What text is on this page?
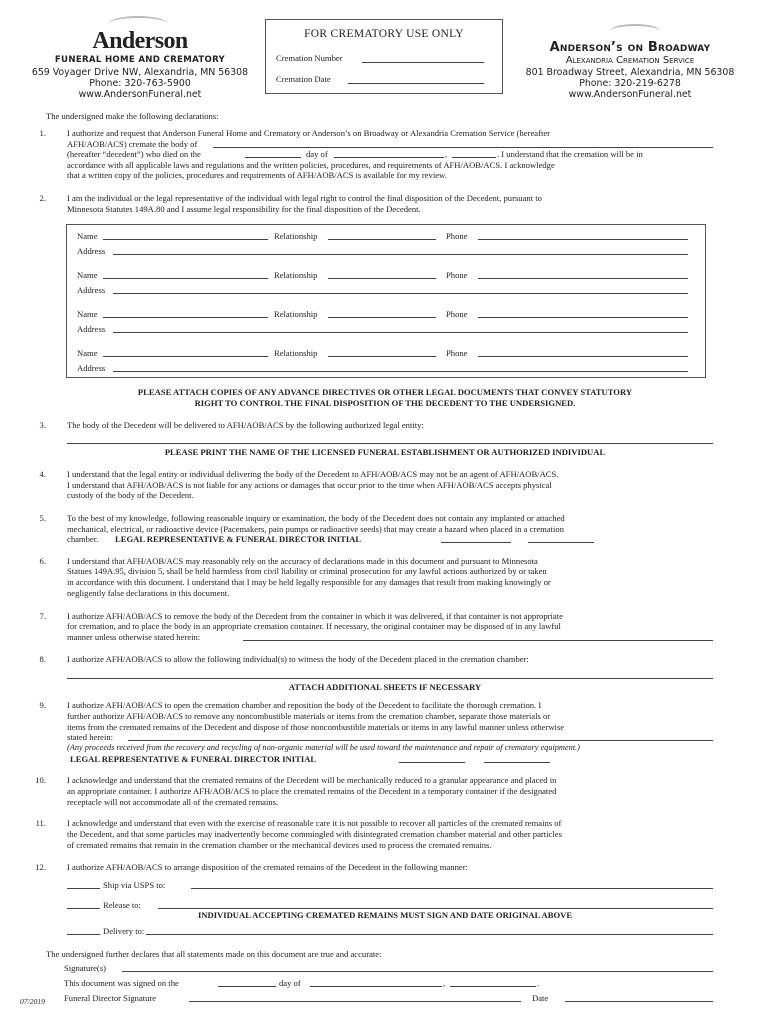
Anderson
FUNERAL HOME AND CREMATORY
659 Voyager Drive NW, Alexandria, MN 56308
Phone: 320-763-5900
www.AndersonFuneral.net
FOR CREMATORY USE ONLY
Cremation Number
Cremation Date
Anderson’s on Broadway
Alexandria Cremation Service
801 Broadway Street, Alexandria, MN 56308
Phone: 320-219-6278
www.AndersonFuneral.net
The undersigned make the following declarations:
1. I authorize and request that Anderson Funeral Home and Crematory or Anderson’s on Broadway or Alexandria Cremation Service (hereafter
AFH/AOB/ACS) cremate the body of
(hereafter “decedent”) who died on the	day of	,	. I understand that the cremation will be in
accordance with all applicable laws and regulations and the written policies, procedures, and requirements of AFH/AOB/ACS. I acknowledge
that a written copy of the policies, procedures and requirements of AFH/AOB/ACS is available for my review.
2. I am the individual or the legal representative of the individual with legal right to control the final disposition of the Decedent, pursuant to
Minnesota Statutes 149A.80 and I assume legal responsibility for the final disposition of the Decedent.
Name	Relationship	Phone
Address
Name	Relationship	Phone
Address
Name	Relationship	Phone
Address
Name	Relationship	Phone
Address
PLEASE ATTACH COPIES OF ANY ADVANCE DIRECTIVES OR OTHER LEGAL DOCUMENTS THAT CONVEY STATUTORY
RIGHT TO CONTROL THE FINAL DISPOSITION OF THE DECEDENT TO THE UNDERSIGNED.
3. The body of the Decedent will be delivered to AFH/AOB/ACS by the following authorized legal entity:
PLEASE PRINT THE NAME OF THE LICENSED FUNERAL ESTABLISHMENT OR AUTHORIZED INDIVIDUAL
4. I understand that the legal entity or individual delivering the body of the Decedent to AFH/AOB/ACS may not be an agent of AFH/AOB/ACS.
I understand that AFH/AOB/ACS is not liable for any actions or damages that occur prior to the time when AFH/AOB/ACS accepts physical
custody of the body of the Decedent.
5. To the best of my knowledge, following reasonable inquiry or examination, the body of the Decedent does not contain any implanted or attached
mechanical, electrical, or radioactive device (Pacemakers, pain pumps or radioactive seeds) that may create a hazard when placed in a cremation
chamber. LEGAL REPRESENTATIVE & FUNERAL DIRECTOR INITIAL
6. I understand that AFH/AOB/ACS may reasonably rely on the accuracy of declarations made in this document and pursuant to Minnesota
Statues 149A.95, division 5, shall be held harmless from civil liability or criminal prosecution for any lawful actions authorized by or taken
in accordance with this document. I understand that I may be held legally responsible for any damages that result from making knowingly or
negligently false declarations in this document.
7. I authorize AFH/AOB/ACS to remove the body of the Decedent from the container in which it was delivered, if that container is not appropriate
for cremation, and to place the body in an appropriate cremation container. If necessary, the original container may be disposed of in any lawful
manner unless otherwise stated herein:
8. I authorize AFH/AOB/ACS to allow the following individual(s) to witness the body of the Decedent placed in the cremation chamber:
ATTACH ADDITIONAL SHEETS IF NECESSARY
9. I authorize AFH/AOB/ACS to open the cremation chamber and reposition the body of the Decedent to facilitate the thorough cremation. I
further authorize AFH/AOB/ACS to remove any noncombustible materials or items from the cremation chamber, separate those materials or
items from the cremated remains of the Decedent and dispose of those noncombustible materials or items in any lawful manner unless otherwise
stated herein:
(Any proceeds received from the recovery and recycling of non-organic material will be used toward the maintenance and repair of crematory equipment.)
LEGAL REPRESENTATIVE & FUNERAL DIRECTOR INITIAL
10. I acknowledge and understand that the cremated remains of the Decedent will be mechanically reduced to a granular appearance and placed in
an appropriate container. I authorize AFH/AOB/ACS to place the cremated remains of the Decedent in a temporary container if the designated
receptacle will not accommodate all of the cremated remains.
11. I acknowledge and understand that even with the exercise of reasonable care it is not possible to recover all particles of the cremated remains of
the Decedent, and that some particles may inadvertently become commingled with disintegrated cremation chamber material and other particles
of cremated remains that remain in the cremation chamber or the mechanical devices used to process the cremated remains.
12. I authorize AFH/AOB/ACS to arrange disposition of the cremated remains of the Decedent in the following manner:
Ship via USPS to:
Release to:
INDIVIDUAL ACCEPTING CREMATED REMAINS MUST SIGN AND DATE ORIGINAL ABOVE
Delivery to:
The undersigned further declares that all statements made on this document are true and accurate:
Signature(s)
This document was signed on the	day of	,	.
Funeral Director Signature	Date
07/2019
